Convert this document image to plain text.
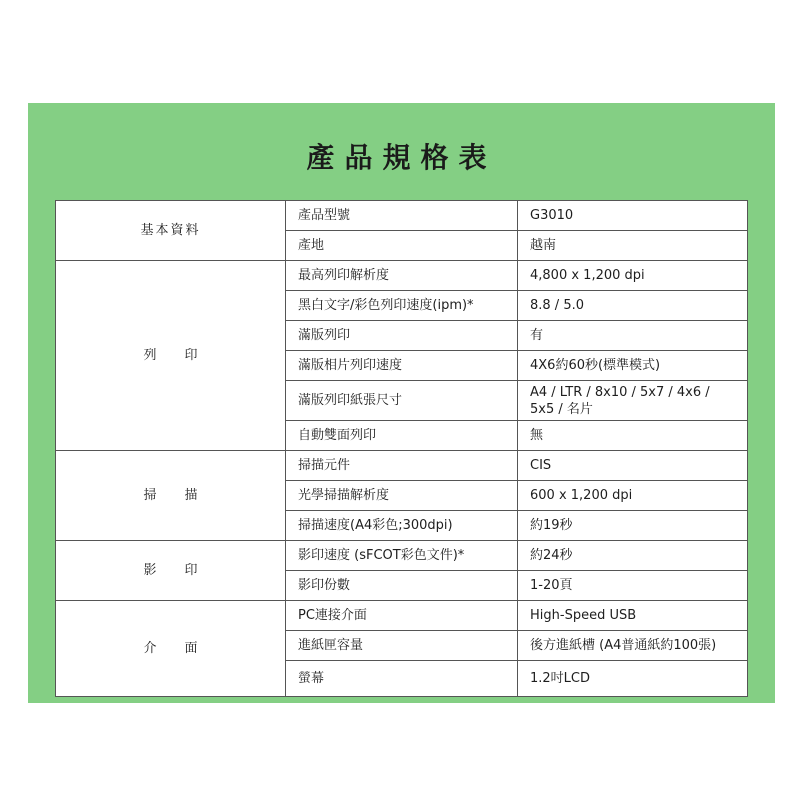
產品規格表
基本資料	產品型號	G3010
	產地	越南
列印	最高列印解析度	4,800 x 1,200 dpi
	黑白文字/彩色列印速度(ipm)*	8.8 / 5.0
	滿版列印	有
	滿版相片列印速度	4X6約60秒(標準模式)
	滿版列印紙張尺寸	A4 / LTR / 8x10 / 5x7 / 4x6 / 5x5 / 名片
	自動雙面列印	無
掃描	掃描元件	CIS
	光學掃描解析度	600 x 1,200 dpi
	掃描速度(A4彩色;300dpi)	約19秒
影印	影印速度 (sFCOT彩色文件)*	約24秒
	影印份數	1-20頁
介面	PC連接介面	High-Speed USB
	進紙匣容量	後方進紙槽 (A4普通紙約100張)
	螢幕	1.2吋LCD
